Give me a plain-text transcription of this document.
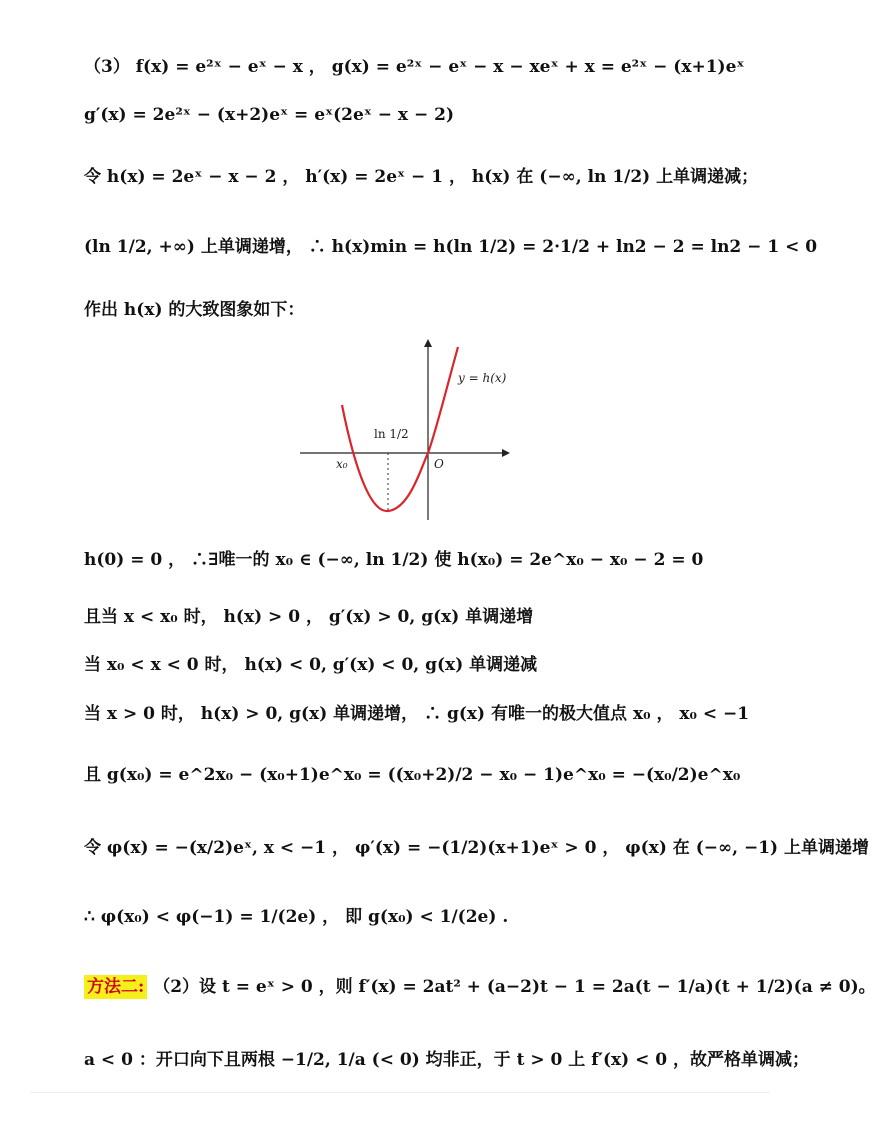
（3） f(x) = e²ˣ − eˣ − x ， g(x) = e²ˣ − eˣ − x − xeˣ + x = e²ˣ − (x+1)eˣ
g′(x) = 2e²ˣ − (x+2)eˣ = eˣ(2eˣ − x − 2)
令 h(x) = 2eˣ − x − 2 ， h′(x) = 2eˣ − 1 ， h(x) 在 (−∞, ln 1/2) 上单调递减；
(ln 1/2, +∞) 上单调递增， ∴ h(x)min = h(ln 1/2) = 2·1/2 + ln2 − 2 = ln2 − 1 < 0
作出 h(x) 的大致图象如下：
y = h(x)
ln 1/2
x₀	O
h(0) = 0 ， ∴∃唯一的 x₀ ∈ (−∞, ln 1/2) 使 h(x₀) = 2e^x₀ − x₀ − 2 = 0
且当 x < x₀ 时， h(x) > 0 ， g′(x) > 0, g(x) 单调递增
当 x₀ < x < 0 时， h(x) < 0, g′(x) < 0, g(x) 单调递减
当 x > 0 时， h(x) > 0, g(x) 单调递增， ∴ g(x) 有唯一的极大值点 x₀ ， x₀ < −1
且 g(x₀) = e^2x₀ − (x₀+1)e^x₀ = ((x₀+2)/2 − x₀ − 1)e^x₀ = −(x₀/2)e^x₀
令 φ(x) = −(x/2)eˣ, x < −1 ， φ′(x) = −(1/2)(x+1)eˣ > 0 ， φ(x) 在 (−∞, −1) 上单调递增
∴ φ(x₀) < φ(−1) = 1/(2e) ， 即 g(x₀) < 1/(2e) .
方法二: （2）设 t = eˣ > 0 ，则 f′(x) = 2at² + (a−2)t − 1 = 2a(t − 1/a)(t + 1/2)(a ≠ 0)。
a < 0 ：开口向下且两根 −1/2, 1/a (< 0) 均非正，于 t > 0 上 f′(x) < 0 ，故严格单调减；
